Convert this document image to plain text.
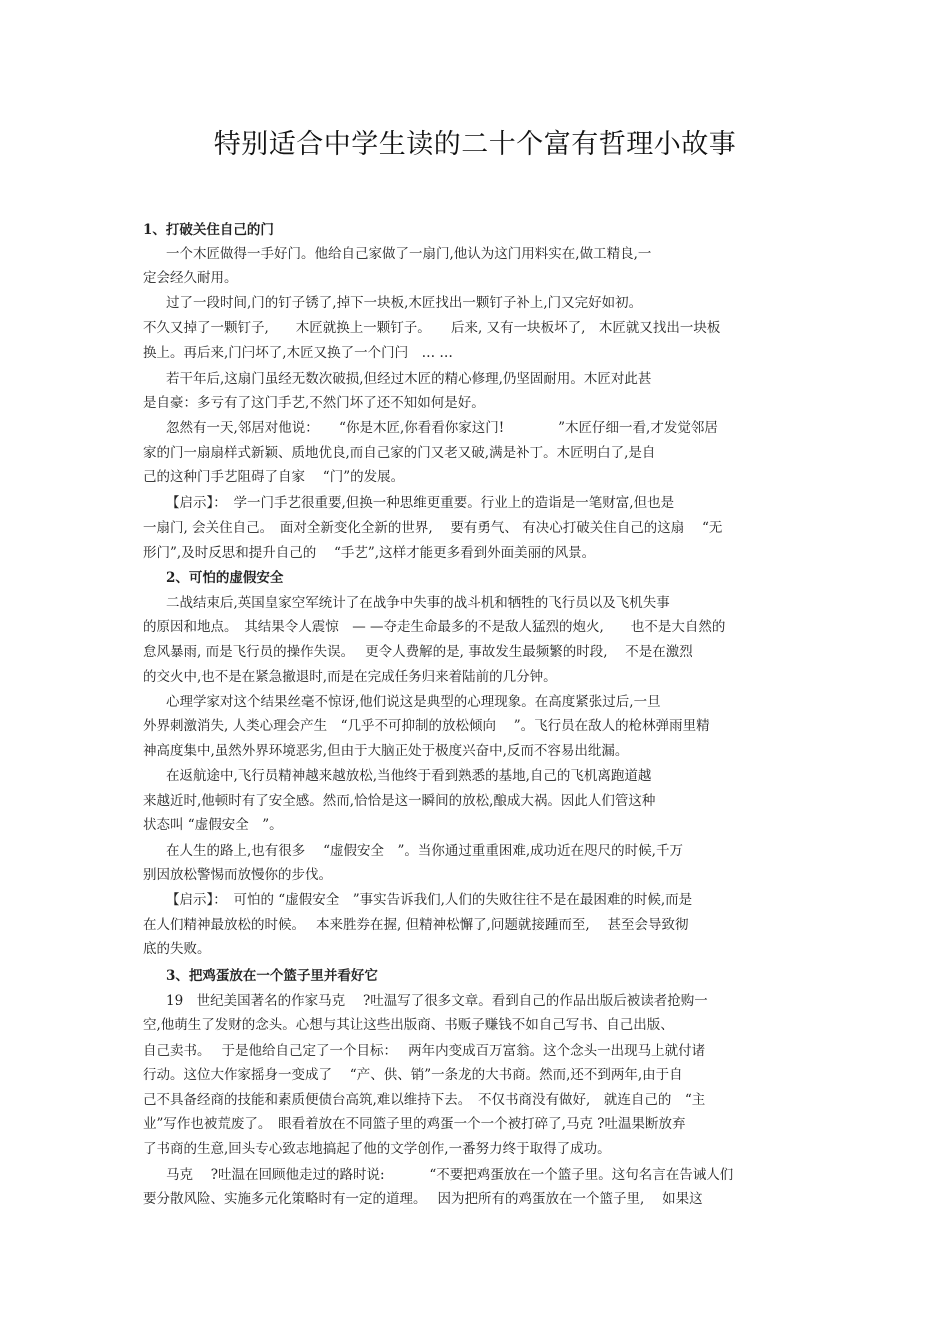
特别适合中学生读的二十个富有哲理小故事

1、打破关住自己的门

一个木匠做得一手好门。他给自己家做了一扇门,他认为这门用料实在,做工精良,一

定会经久耐用。

过了一段时间,门的钉子锈了,掉下一块板,木匠找出一颗钉子补上,门又完好如初。

不久又掉了一颗钉子,　　木匠就换上一颗钉子。　　后来, 又有一块板坏了,　木匠就又找出一块板

换上。再后来,门闩坏了,木匠又换了一个门闩　… …

若干年后,这扇门虽经无数次破损,但经过木匠的精心修理,仍坚固耐用。木匠对此甚

是自豪：多亏有了这门手艺,不然门坏了还不知如何是好。

忽然有一天,邻居对他说：　　“你是木匠,你看看你家这门!　　　　”木匠仔细一看,才发觉邻居

家的门一扇扇样式新颖、质地优良,而自己家的门又老又破,满是补丁。木匠明白了,是自

己的这种门手艺阻碍了自家　 “门”的发展。

【启示】：　学一门手艺很重要,但换一种思维更重要。行业上的造诣是一笔财富,但也是

一扇门, 会关住自己。　面对全新变化全新的世界,　 要有勇气、 有决心打破关住自己的这扇　 “无

形门”,及时反思和提升自己的　 “手艺”,这样才能更多看到外面美丽的风景。

2、可怕的虚假安全

二战结束后,英国皇家空军统计了在战争中失事的战斗机和牺牲的飞行员以及飞机失事

的原因和地点。　其结果令人震惊　— —夺走生命最多的不是敌人猛烈的炮火,　　也不是大自然的

怠风暴雨, 而是飞行员的操作失误。　 更令人费解的是, 事故发生最频繁的时段,　 不是在激烈

的交火中,也不是在紧急撤退时,而是在完成任务归来着陆前的几分钟。

心理学家对这个结果丝毫不惊讶,他们说这是典型的心理现象。在高度紧张过后,一旦

外界刺激消失, 人类心理会产生　“几乎不可抑制的放松倾向　 ”。飞行员在敌人的枪林弹雨里精

神高度集中,虽然外界环境恶劣,但由于大脑正处于极度兴奋中,反而不容易出纰漏。

在返航途中,飞行员精神越来越放松,当他终于看到熟悉的基地,自己的飞机离跑道越

来越近时,他顿时有了安全感。然而,恰恰是这一瞬间的放松,酿成大祸。因此人们管这种

状态叫 “虚假安全　”。

在人生的路上,也有很多　 “虚假安全　”。当你通过重重困难,成功近在咫尺的时候,千万

别因放松警惕而放慢你的步伐。

【启示】：　可怕的 “虚假安全　”事实告诉我们,人们的失败往往不是在最困难的时候,而是

在人们精神最放松的时候。　 本来胜券在握, 但精神松懈了,问题就接踵而至,　 甚至会导致彻

底的失败。

3、把鸡蛋放在一个篮子里并看好它

19　世纪美国著名的作家马克　 ?吐温写了很多文章。看到自己的作品出版后被读者抢购一

空,他萌生了发财的念头。心想与其让这些出版商、书贩子赚钱不如自己写书、自己出版、

自己卖书。　 于是他给自己定了一个目标：　 两年内变成百万富翁。这个念头一出现马上就付诸

行动。这位大作家摇身一变成了　 “产、供、销”一条龙的大书商。然而,还不到两年,由于自

己不具备经商的技能和素质便债台高筑,难以维持下去。　不仅书商没有做好,　就连自己的　“主

业”写作也被荒废了。　眼看着放在不同篮子里的鸡蛋一个一个被打碎了,马克 ?吐温果断放弃

了书商的生意,回头专心致志地搞起了他的文学创作,一番努力终于取得了成功。

马克　 ?吐温在回顾他走过的路时说:　　　 “不要把鸡蛋放在一个篮子里。这句名言在告诫人们

要分散风险、实施多元化策略时有一定的道理。　 因为把所有的鸡蛋放在一个篮子里,　 如果这
